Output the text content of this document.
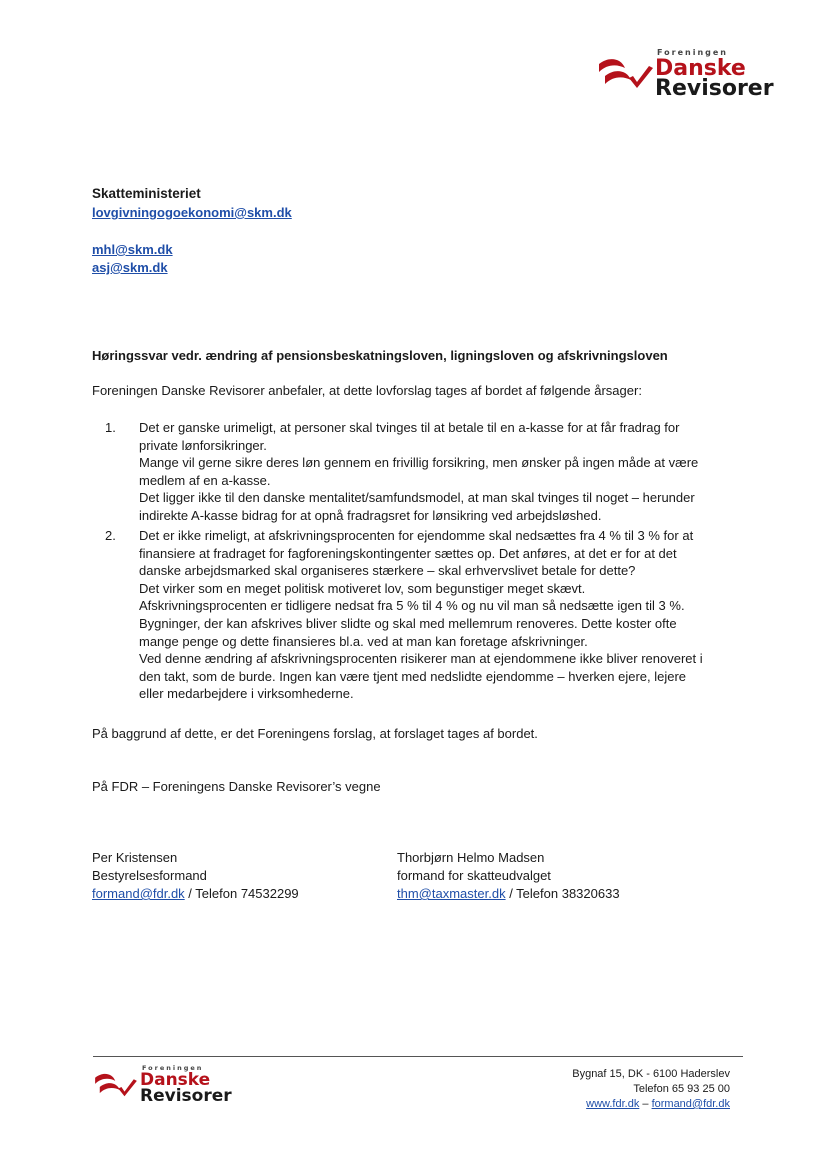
Foreningen
Danske
Revisorer
Skatteministeriet
lovgivningogoekonomi@skm.dk
mhl@skm.dk
asj@skm.dk
Høringssvar vedr. ændring af pensionsbeskatningsloven, ligningsloven og afskrivningsloven
Foreningen Danske Revisorer anbefaler, at dette lovforslag tages af bordet af følgende årsager:
1. Det er ganske urimeligt, at personer skal tvinges til at betale til en a-kasse for at får fradrag for
private lønforsikringer.
Mange vil gerne sikre deres løn gennem en frivillig forsikring, men ønsker på ingen måde at være
medlem af en a-kasse.
Det ligger ikke til den danske mentalitet/samfundsmodel, at man skal tvinges til noget – herunder
indirekte A-kasse bidrag for at opnå fradragsret for lønsikring ved arbejdsløshed.
2. Det er ikke rimeligt, at afskrivningsprocenten for ejendomme skal nedsættes fra 4 % til 3 % for at
finansiere at fradraget for fagforeningskontingenter sættes op. Det anføres, at det er for at det
danske arbejdsmarked skal organiseres stærkere – skal erhvervslivet betale for dette?
Det virker som en meget politisk motiveret lov, som begunstiger meget skævt.
Afskrivningsprocenten er tidligere nedsat fra 5 % til 4 % og nu vil man så nedsætte igen til 3 %.
Bygninger, der kan afskrives bliver slidte og skal med mellemrum renoveres. Dette koster ofte
mange penge og dette finansieres bl.a. ved at man kan foretage afskrivninger.
Ved denne ændring af afskrivningsprocenten risikerer man at ejendommene ikke bliver renoveret i
den takt, som de burde. Ingen kan være tjent med nedslidte ejendomme – hverken ejere, lejere
eller medarbejdere i virksomhederne.
På baggrund af dette, er det Foreningens forslag, at forslaget tages af bordet.
På FDR – Foreningens Danske Revisorer’s vegne
Per Kristensen
Bestyrelsesformand
formand@fdr.dk / Telefon 74532299
Thorbjørn Helmo Madsen
formand for skatteudvalget
thm@taxmaster.dk / Telefon 38320633
Foreningen
Danske
Revisorer
Bygnaf 15, DK - 6100 Haderslev
Telefon 65 93 25 00
www.fdr.dk – formand@fdr.dk
